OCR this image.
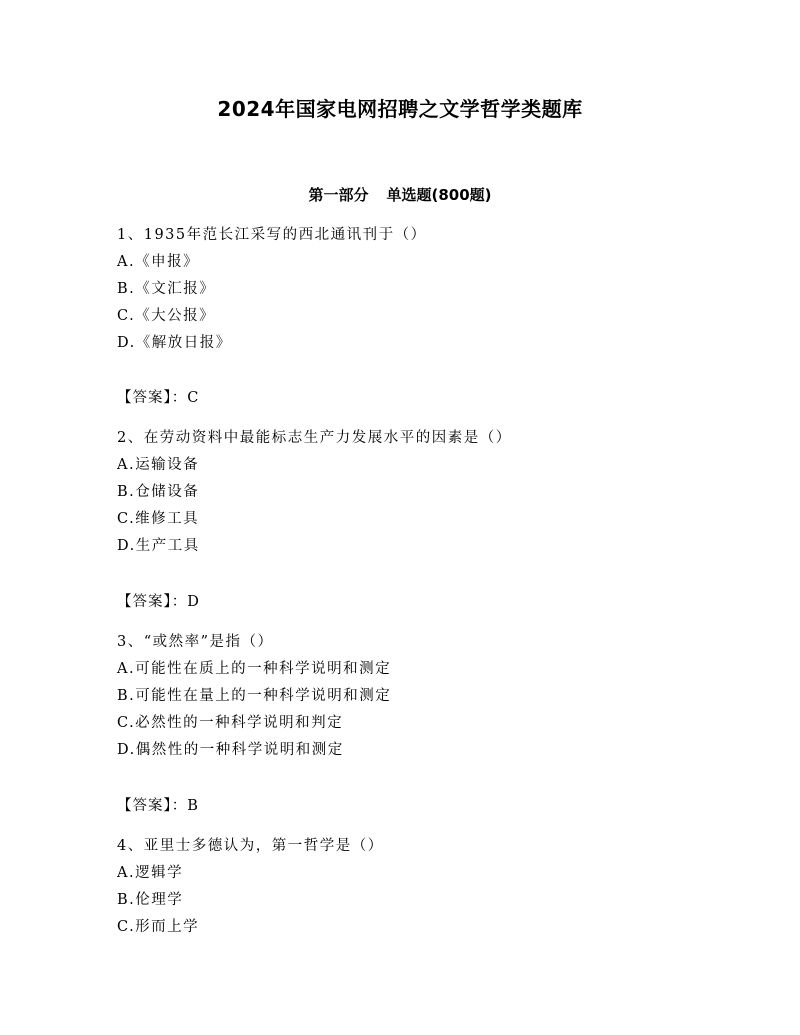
2024年国家电网招聘之文学哲学类题库
第一部分 单选题(800题)
1、1935年范长江采写的西北通讯刊于（）
A.《申报》
B.《文汇报》
C.《大公报》
D.《解放日报》
【答案】：C
2、在劳动资料中最能标志生产力发展水平的因素是（）
A.运输设备
B.仓储设备
C.维修工具
D.生产工具
【答案】：D
3、“或然率”是指（）
A.可能性在质上的一种科学说明和测定
B.可能性在量上的一种科学说明和测定
C.必然性的一种科学说明和判定
D.偶然性的一种科学说明和测定
【答案】：B
4、亚里士多德认为，第一哲学是（）
A.逻辑学
B.伦理学
C.形而上学
